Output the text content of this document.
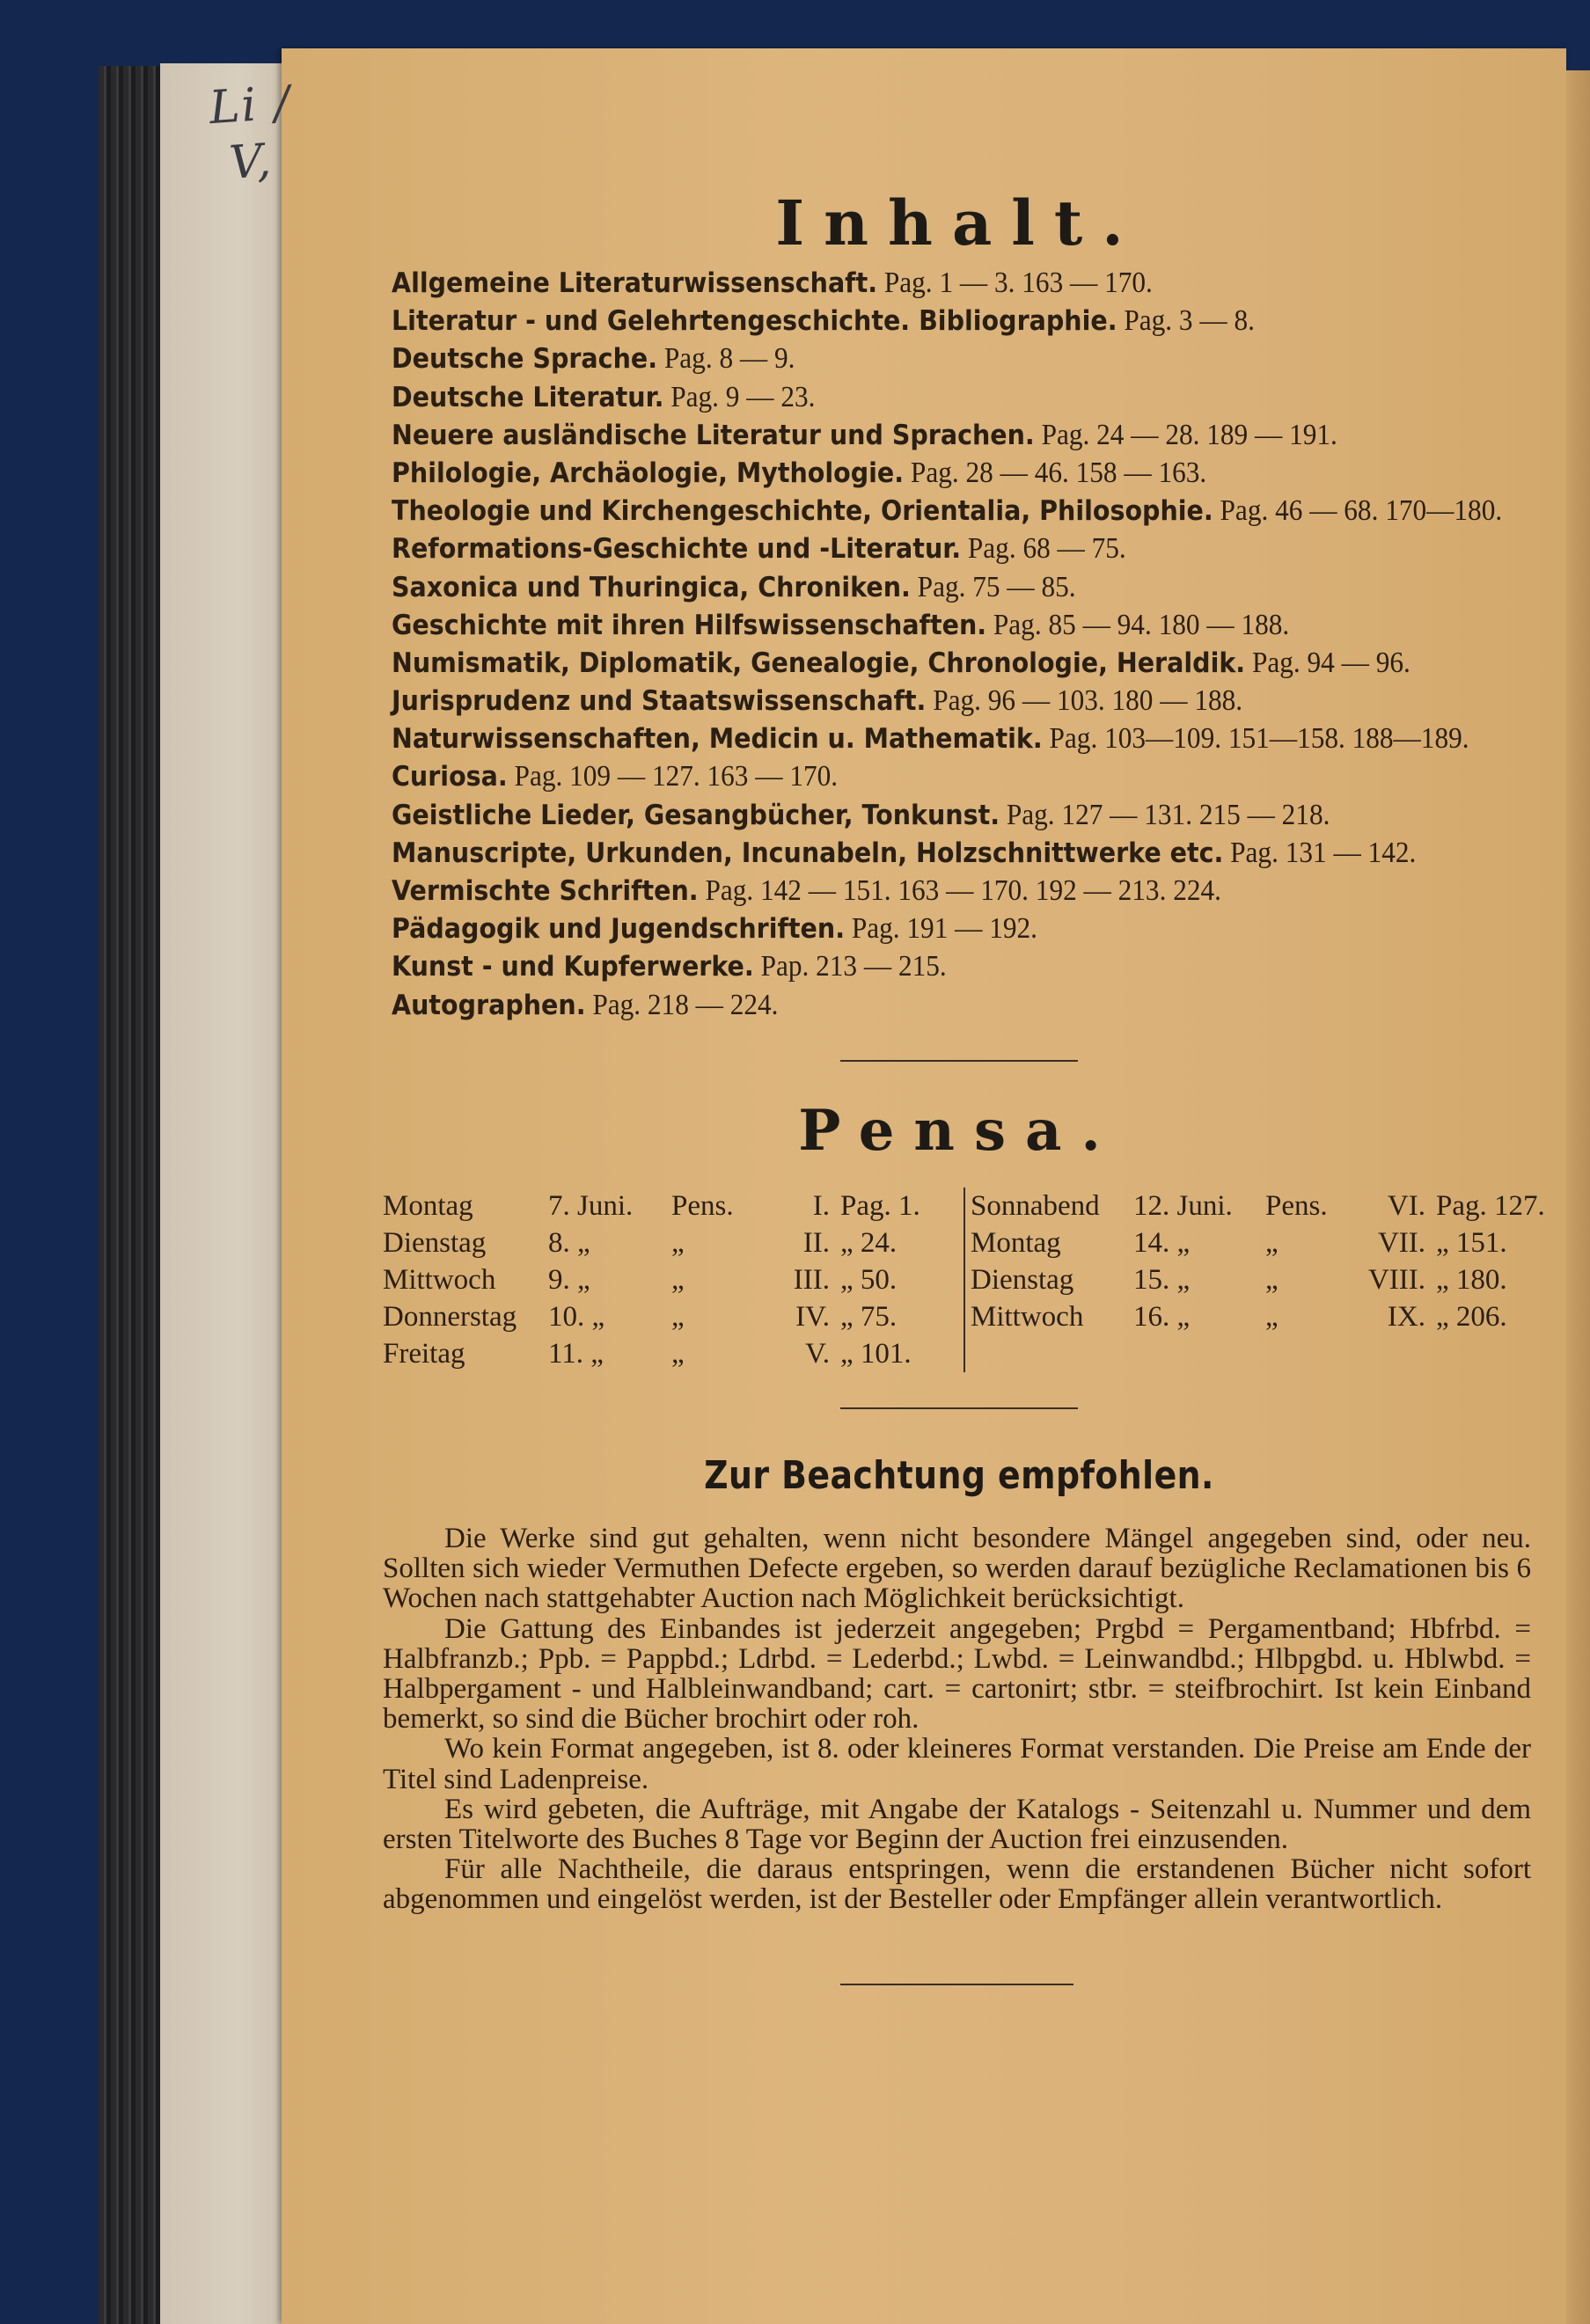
Li /
V,
Inhalt.
Allgemeine Literaturwissenschaft. Pag. 1 — 3. 163 — 170.
Literatur - und Gelehrtengeschichte. Bibliographie. Pag. 3 — 8.
Deutsche Sprache. Pag. 8 — 9.
Deutsche Literatur. Pag. 9 — 23.
Neuere ausländische Literatur und Sprachen. Pag. 24 — 28. 189 — 191.
Philologie, Archäologie, Mythologie. Pag. 28 — 46. 158 — 163.
Theologie und Kirchengeschichte, Orientalia, Philosophie. Pag. 46 — 68. 170—180.
Reformations-Geschichte und -Literatur. Pag. 68 — 75.
Saxonica und Thuringica, Chroniken. Pag. 75 — 85.
Geschichte mit ihren Hilfswissenschaften. Pag. 85 — 94. 180 — 188.
Numismatik, Diplomatik, Genealogie, Chronologie, Heraldik. Pag. 94 — 96.
Jurisprudenz und Staatswissenschaft. Pag. 96 — 103. 180 — 188.
Naturwissenschaften, Medicin u. Mathematik. Pag. 103—109. 151—158. 188—189.
Curiosa. Pag. 109 — 127. 163 — 170.
Geistliche Lieder, Gesangbücher, Tonkunst. Pag. 127 — 131. 215 — 218.
Manuscripte, Urkunden, Incunabeln, Holzschnittwerke etc. Pag. 131 — 142.
Vermischte Schriften. Pag. 142 — 151. 163 — 170. 192 — 213. 224.
Pädagogik und Jugendschriften. Pag. 191 — 192.
Kunst - und Kupferwerke. Pap. 213 — 215.
Autographen. Pag. 218 — 224.
Pensa.
Montag	7. Juni.	Pens.	I.	Pag. 1.
Dienstag	8. „	„	II.	„ 24.
Mittwoch	9. „	„	III.	„ 50.
Donnerstag	10. „	„	IV.	„ 75.
Freitag	11. „	„	V.	„ 101.
Sonnabend	12. Juni.	Pens.	VI.	Pag. 127.
Montag	14. „	„	VII.	„ 151.
Dienstag	15. „	„	VIII.	„ 180.
Mittwoch	16. „	„	IX.	„ 206.
Zur Beachtung empfohlen.

Die Werke sind gut gehalten, wenn nicht besondere Mängel angegeben sind, oder neu. Sollten sich wieder Vermuthen Defecte ergeben, so werden darauf bezügliche Reclamationen bis 6 Wochen nach stattgehabter Auction nach Möglichkeit berücksichtigt.

Die Gattung des Einbandes ist jederzeit angegeben; Prgbd = Pergamentband; Hbfrbd. = Halbfranzb.; Ppb. = Pappbd.; Ldrbd. = Lederbd.; Lwbd. = Leinwandbd.; Hlbpgbd. u. Hblwbd. = Halbpergament - und Halbleinwandband; cart. = cartonirt; stbr. = steifbrochirt. Ist kein Einband bemerkt, so sind die Bücher brochirt oder roh.

Wo kein Format angegeben, ist 8. oder kleineres Format verstanden. Die Preise am Ende der Titel sind Ladenpreise.

Es wird gebeten, die Aufträge, mit Angabe der Katalogs - Seitenzahl u. Nummer und dem ersten Titelworte des Buches 8 Tage vor Beginn der Auction frei einzusenden.

Für alle Nachtheile, die daraus entspringen, wenn die erstandenen Bücher nicht sofort abgenommen und eingelöst werden, ist der Besteller oder Empfänger allein verantwortlich.
